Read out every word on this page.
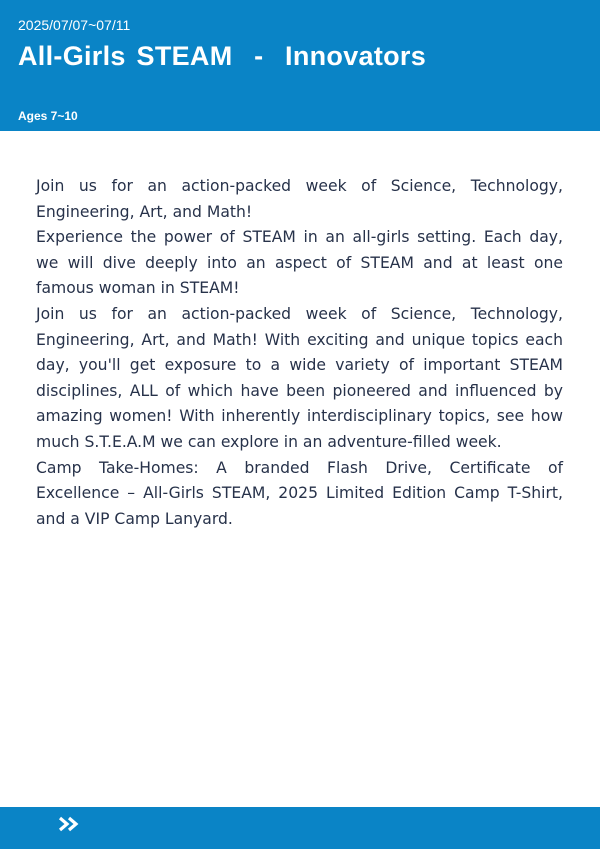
2025/07/07~07/11
All-Girls STEAM  -  Innovators
Ages 7~10

Join us for an action-packed week of Science, Technology, Engineering, Art, and Math!

Experience the power of STEAM in an all-girls setting. Each day, we will dive deeply into an aspect of STEAM and at least one famous woman in STEAM!

Join us for an action-packed week of Science, Technology, Engineering, Art, and Math! With exciting and unique topics each day, you'll get exposure to a wide variety of important STEAM disciplines, ALL of which have been pioneered and influenced by amazing women! With inherently interdisciplinary topics, see how much S.T.E.A.M we can explore in an adventure-filled week.

Camp Take-Homes: A branded Flash Drive, Certificate of Excellence – All-Girls STEAM, 2025 Limited Edition Camp T-Shirt, and a VIP Camp Lanyard.
